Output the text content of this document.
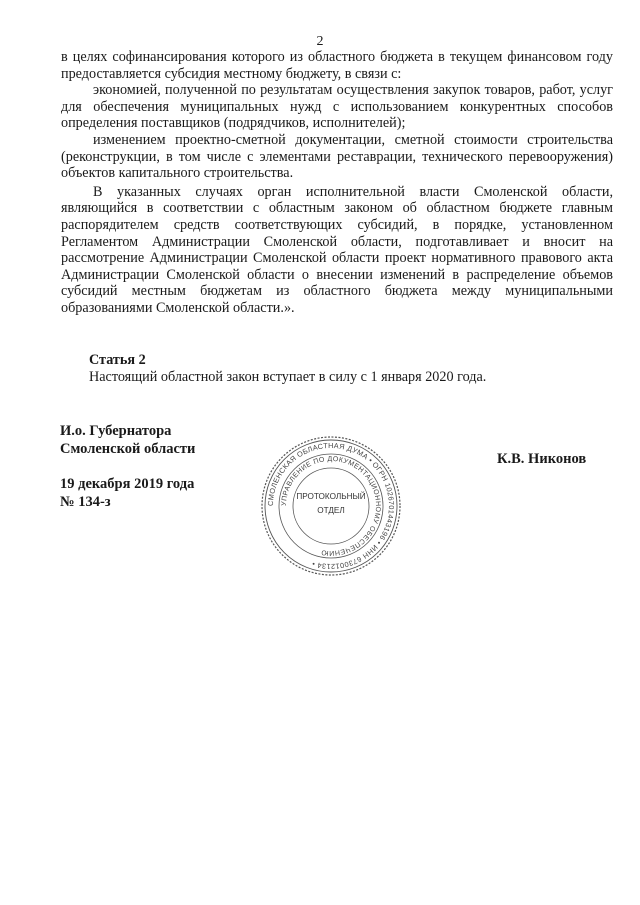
2

в целях софинансирования которого из областного бюджета в текущем финансовом году предоставляется субсидия местному бюджету, в связи с:

экономией, полученной по результатам осуществления закупок товаров, работ, услуг для обеспечения муниципальных нужд с использованием конкурентных способов определения поставщиков (подрядчиков, исполнителей);

изменением проектно-сметной документации, сметной стоимости строительства (реконструкции, в том числе с элементами реставрации, технического перевооружения) объектов капитального строительства.

В указанных случаях орган исполнительной власти Смоленской области, являющийся в соответствии с областным законом об областном бюджете главным распорядителем средств соответствующих субсидий, в порядке, установленном Регламентом Администрации Смоленской области, подготавливает и вносит на рассмотрение Администрации Смоленской области проект нормативного правового акта Администрации Смоленской области о внесении изменений в распределение объемов субсидий местным бюджетам из областного бюджета между муниципальными образованиями Смоленской области.».

Статья 2
Настоящий областной закон вступает в силу с 1 января 2020 года.
И.о. Губернатора
Смоленской области
19 декабря 2019 года
№ 134-з
К.В. Никонов
СМОЛЕНСКАЯ ОБЛАСТНАЯ ДУМА • ОГРН 1026701443196 • ИНН 6730012134 •
УПРАВЛЕНИЕ ПО ДОКУМЕНТАЦИОННОМУ ОБЕСПЕЧЕНИЮ
ПРОТОКОЛЬНЫЙ
ОТДЕЛ
